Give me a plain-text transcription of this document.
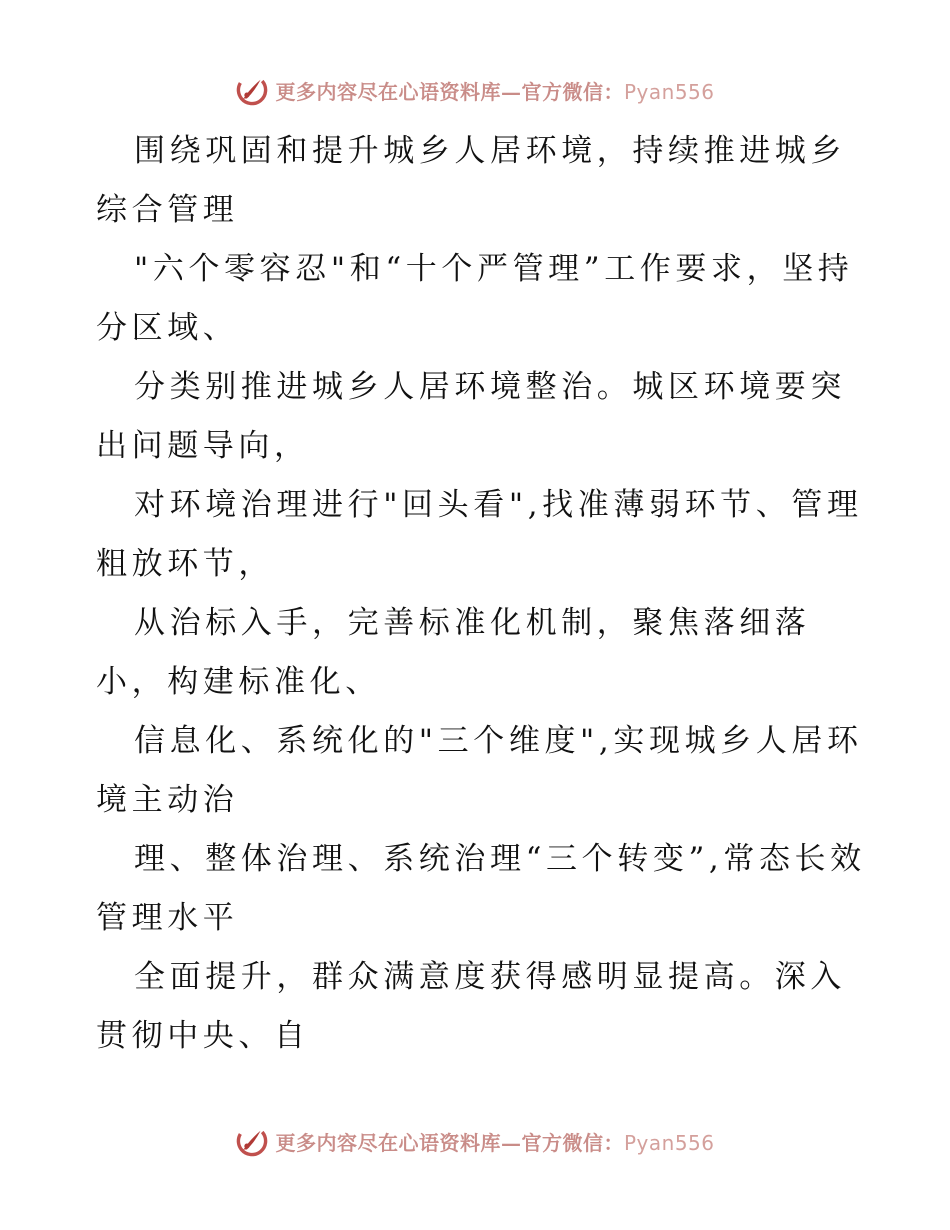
更多内容尽在心语资料库—官方微信：Pyan556

围绕巩固和提升城乡人居环境，持续推进城乡综合管理

"六个零容忍"和“十个严管理”工作要求，坚持分区域、

分类别推进城乡人居环境整治。城区环境要突出问题导向，

对环境治理进行"回头看",找准薄弱环节、管理粗放环节，

从治标入手，完善标准化机制，聚焦落细落小，构建标准化、

信息化、系统化的"三个维度",实现城乡人居环境主动治

理、整体治理、系统治理“三个转变”,常态长效管理水平

全面提升，群众满意度获得感明显提高。深入贯彻中央、自

更多内容尽在心语资料库—官方微信：Pyan556
